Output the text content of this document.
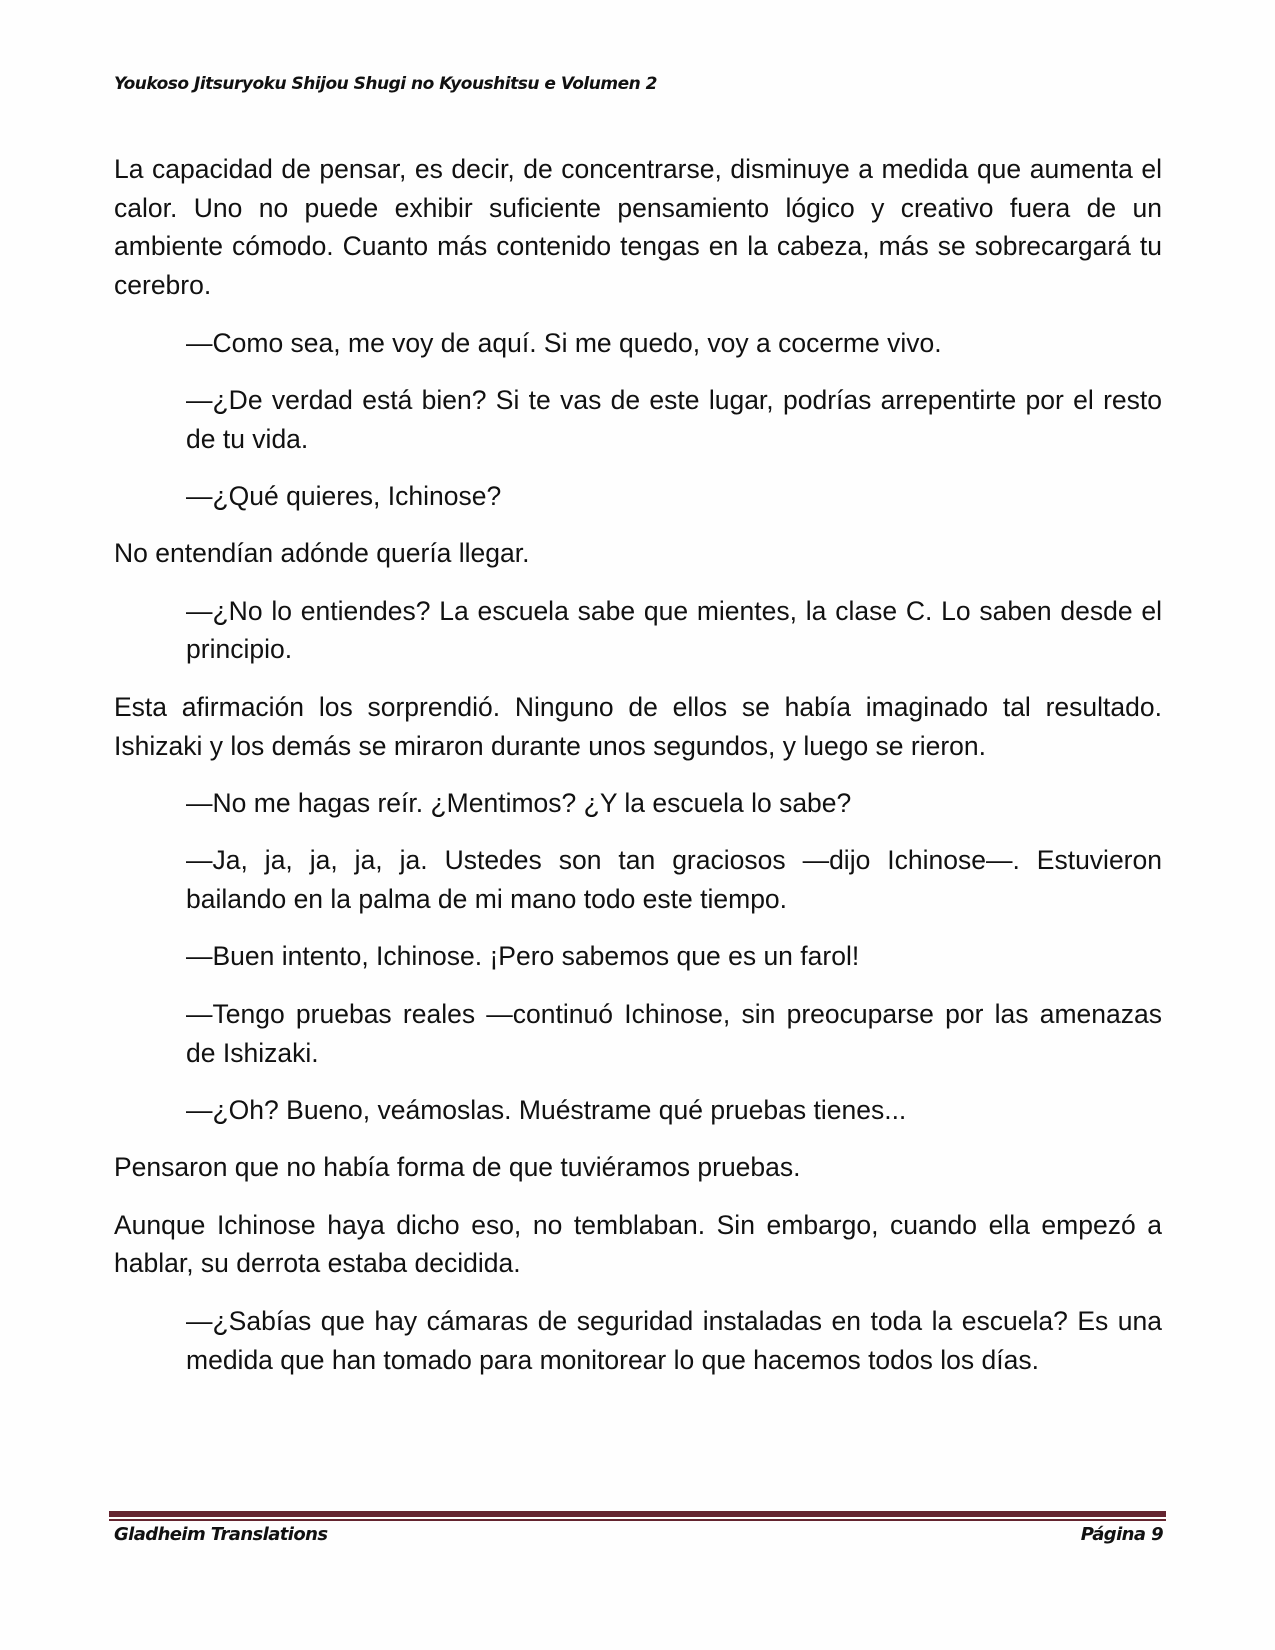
Youkoso Jitsuryoku Shijou Shugi no Kyoushitsu e Volumen 2

La capacidad de pensar, es decir, de concentrarse, disminuye a medida que aumenta el calor. Uno no puede exhibir suficiente pensamiento lógico y creativo fuera de un ambiente cómodo. Cuanto más contenido tengas en la cabeza, más se sobrecargará tu cerebro.

—Como sea, me voy de aquí. Si me quedo, voy a cocerme vivo.

—¿De verdad está bien? Si te vas de este lugar, podrías arrepentirte por el resto de tu vida.

—¿Qué quieres, Ichinose?

No entendían adónde quería llegar.

—¿No lo entiendes? La escuela sabe que mientes, la clase C. Lo saben desde el principio.

Esta afirmación los sorprendió. Ninguno de ellos se había imaginado tal resultado. Ishizaki y los demás se miraron durante unos segundos, y luego se rieron.

—No me hagas reír. ¿Mentimos? ¿Y la escuela lo sabe?

—Ja, ja, ja, ja, ja. Ustedes son tan graciosos —dijo Ichinose—. Estuvieron bailando en la palma de mi mano todo este tiempo.

—Buen intento, Ichinose. ¡Pero sabemos que es un farol!

—Tengo pruebas reales —continuó Ichinose, sin preocuparse por las amenazas de Ishizaki.

—¿Oh? Bueno, veámoslas. Muéstrame qué pruebas tienes...

Pensaron que no había forma de que tuviéramos pruebas.

Aunque Ichinose haya dicho eso, no temblaban. Sin embargo, cuando ella empezó a hablar, su derrota estaba decidida.

—¿Sabías que hay cámaras de seguridad instaladas en toda la escuela? Es una medida que han tomado para monitorear lo que hacemos todos los días.

Gladheim Translations	Página 9
